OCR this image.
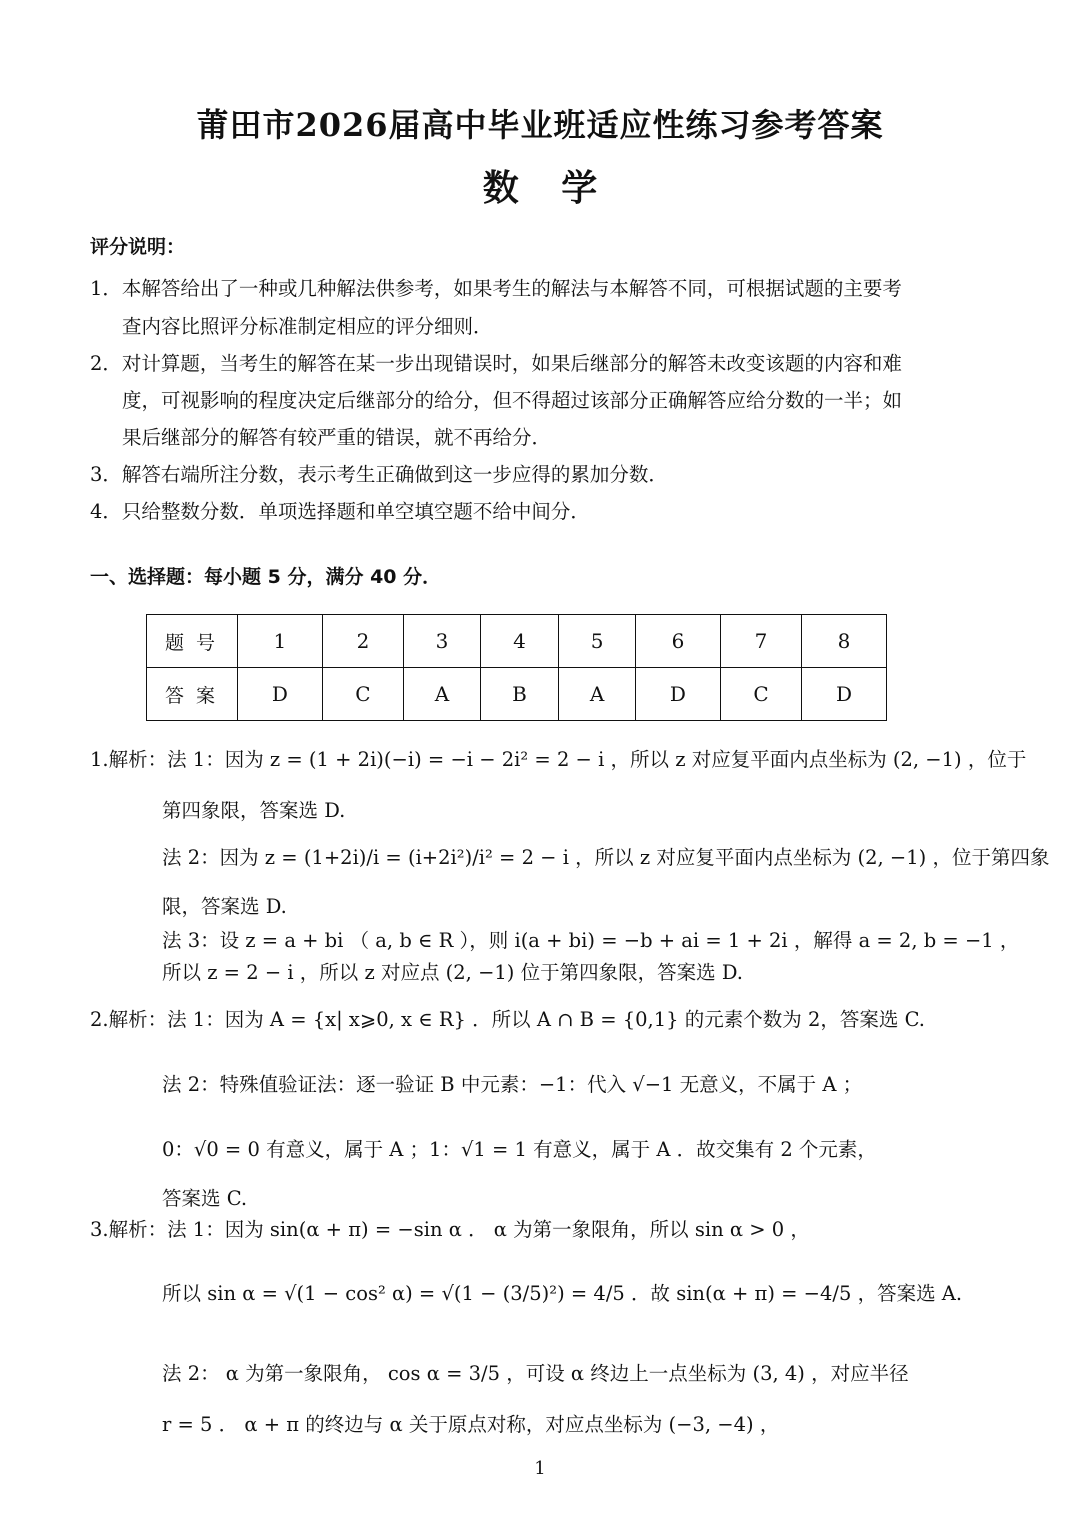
莆田市2026届高中毕业班适应性练习参考答案
数 学
评分说明：
1．本解答给出了一种或几种解法供参考，如果考生的解法与本解答不同，可根据试题的主要考
查内容比照评分标准制定相应的评分细则．
2．对计算题，当考生的解答在某一步出现错误时，如果后继部分的解答未改变该题的内容和难
度，可视影响的程度决定后继部分的给分，但不得超过该部分正确解答应给分数的一半；如
果后继部分的解答有较严重的错误，就不再给分．
3．解答右端所注分数，表示考生正确做到这一步应得的累加分数．
4．只给整数分数．单项选择题和单空填空题不给中间分．
一、选择题：每小题 5 分，满分 40 分．
题号	1	2	3	4	5	6	7	8
答案	D	C	A	B	A	D	C	D
1.解析：法 1：因为 z = (1 + 2i)(−i) = −i − 2i² = 2 − i ，所以 z 对应复平面内点坐标为 (2, −1) ，位于
第四象限，答案选 D.
法 2：因为 z = (1+2i)/i = (i+2i²)/i² = 2 − i ，所以 z 对应复平面内点坐标为 (2, −1) ，位于第四象
限，答案选 D.
法 3：设 z = a + bi （ a, b ∈ R ），则 i(a + bi) = −b + ai = 1 + 2i ，解得 a = 2, b = −1 ，
所以 z = 2 − i ，所以 z 对应点 (2, −1) 位于第四象限，答案选 D.
2.解析：法 1：因为 A = {x| x⩾0, x ∈ R} ．所以 A ∩ B = {0,1} 的元素个数为 2，答案选 C.
法 2：特殊值验证法：逐一验证 B 中元素：−1：代入 √−1 无意义，不属于 A ；
0：√0 = 0 有意义，属于 A ；1：√1 = 1 有意义，属于 A ．故交集有 2 个元素，
答案选 C.
3.解析：法 1：因为 sin(α + π) = −sin α ． α 为第一象限角，所以 sin α > 0 ，
所以 sin α = √(1 − cos² α) = √(1 − (3/5)²) = 4/5 ．故 sin(α + π) = −4/5 ，答案选 A.
法 2： α 为第一象限角， cos α = 3/5 ，可设 α 终边上一点坐标为 (3, 4) ，对应半径
r = 5 ． α + π 的终边与 α 关于原点对称，对应点坐标为 (−3, −4) ，
1
